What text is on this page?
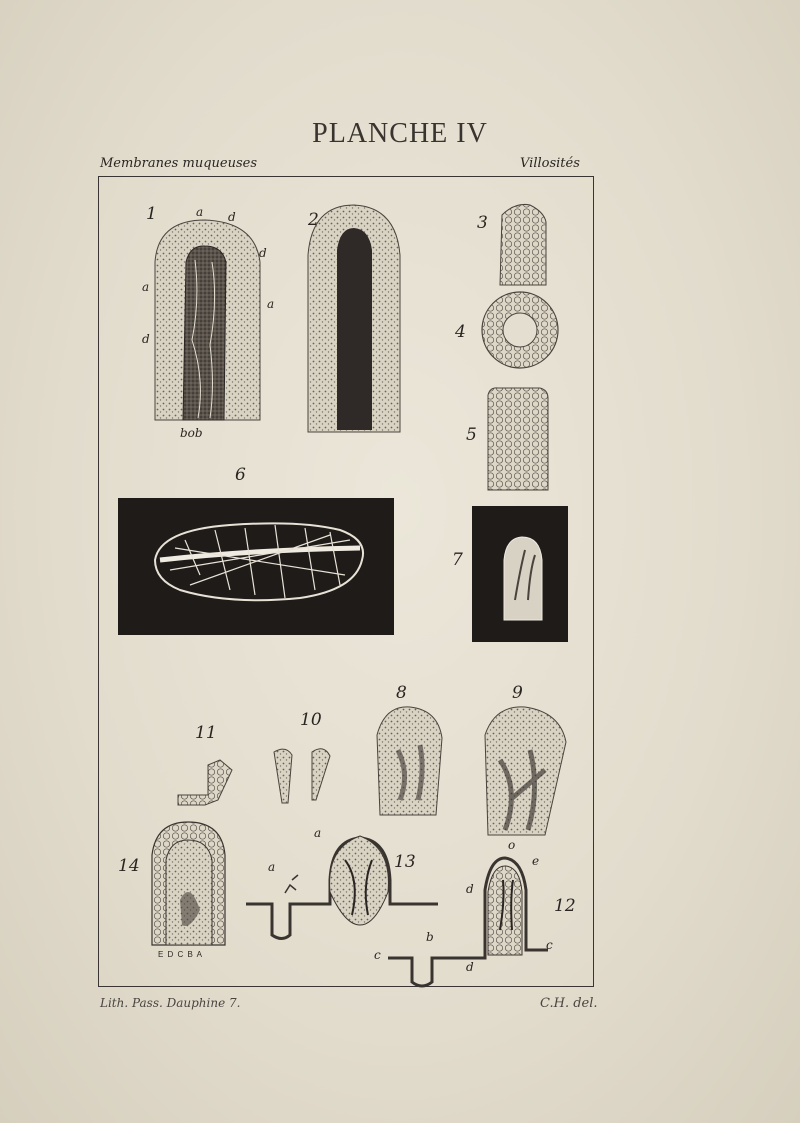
PLANCHE IV
Membranes muqueuses	Villosités
1	2	3
4
5
6
7
8	9
10
11
12
13
14
a d
d
a
a
d
bob
o
e
d
c
b
c
d
a
a
E D C B A
Lith. Pass. Dauphine 7.	C.H. del.
